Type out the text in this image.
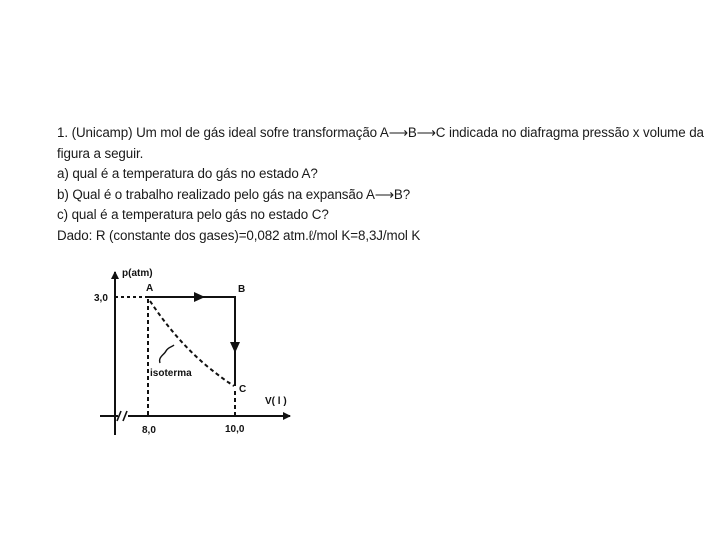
1. (Unicamp) Um mol de gás ideal sofre transformação A⟶B⟶C indicada no diafragma pressão x volume da
figura a seguir.
a) qual é a temperatura do gás no estado A?
b) Qual é o trabalho realizado pelo gás na expansão A⟶B?
c) qual é a temperatura pelo gás no estado C?
Dado: R (constante dos gases)=0,082 atm.ℓ/mol K=8,3J/mol K
p(atm)
3,0
A	B
C
isoterma
V( l )
8,0	10,0
